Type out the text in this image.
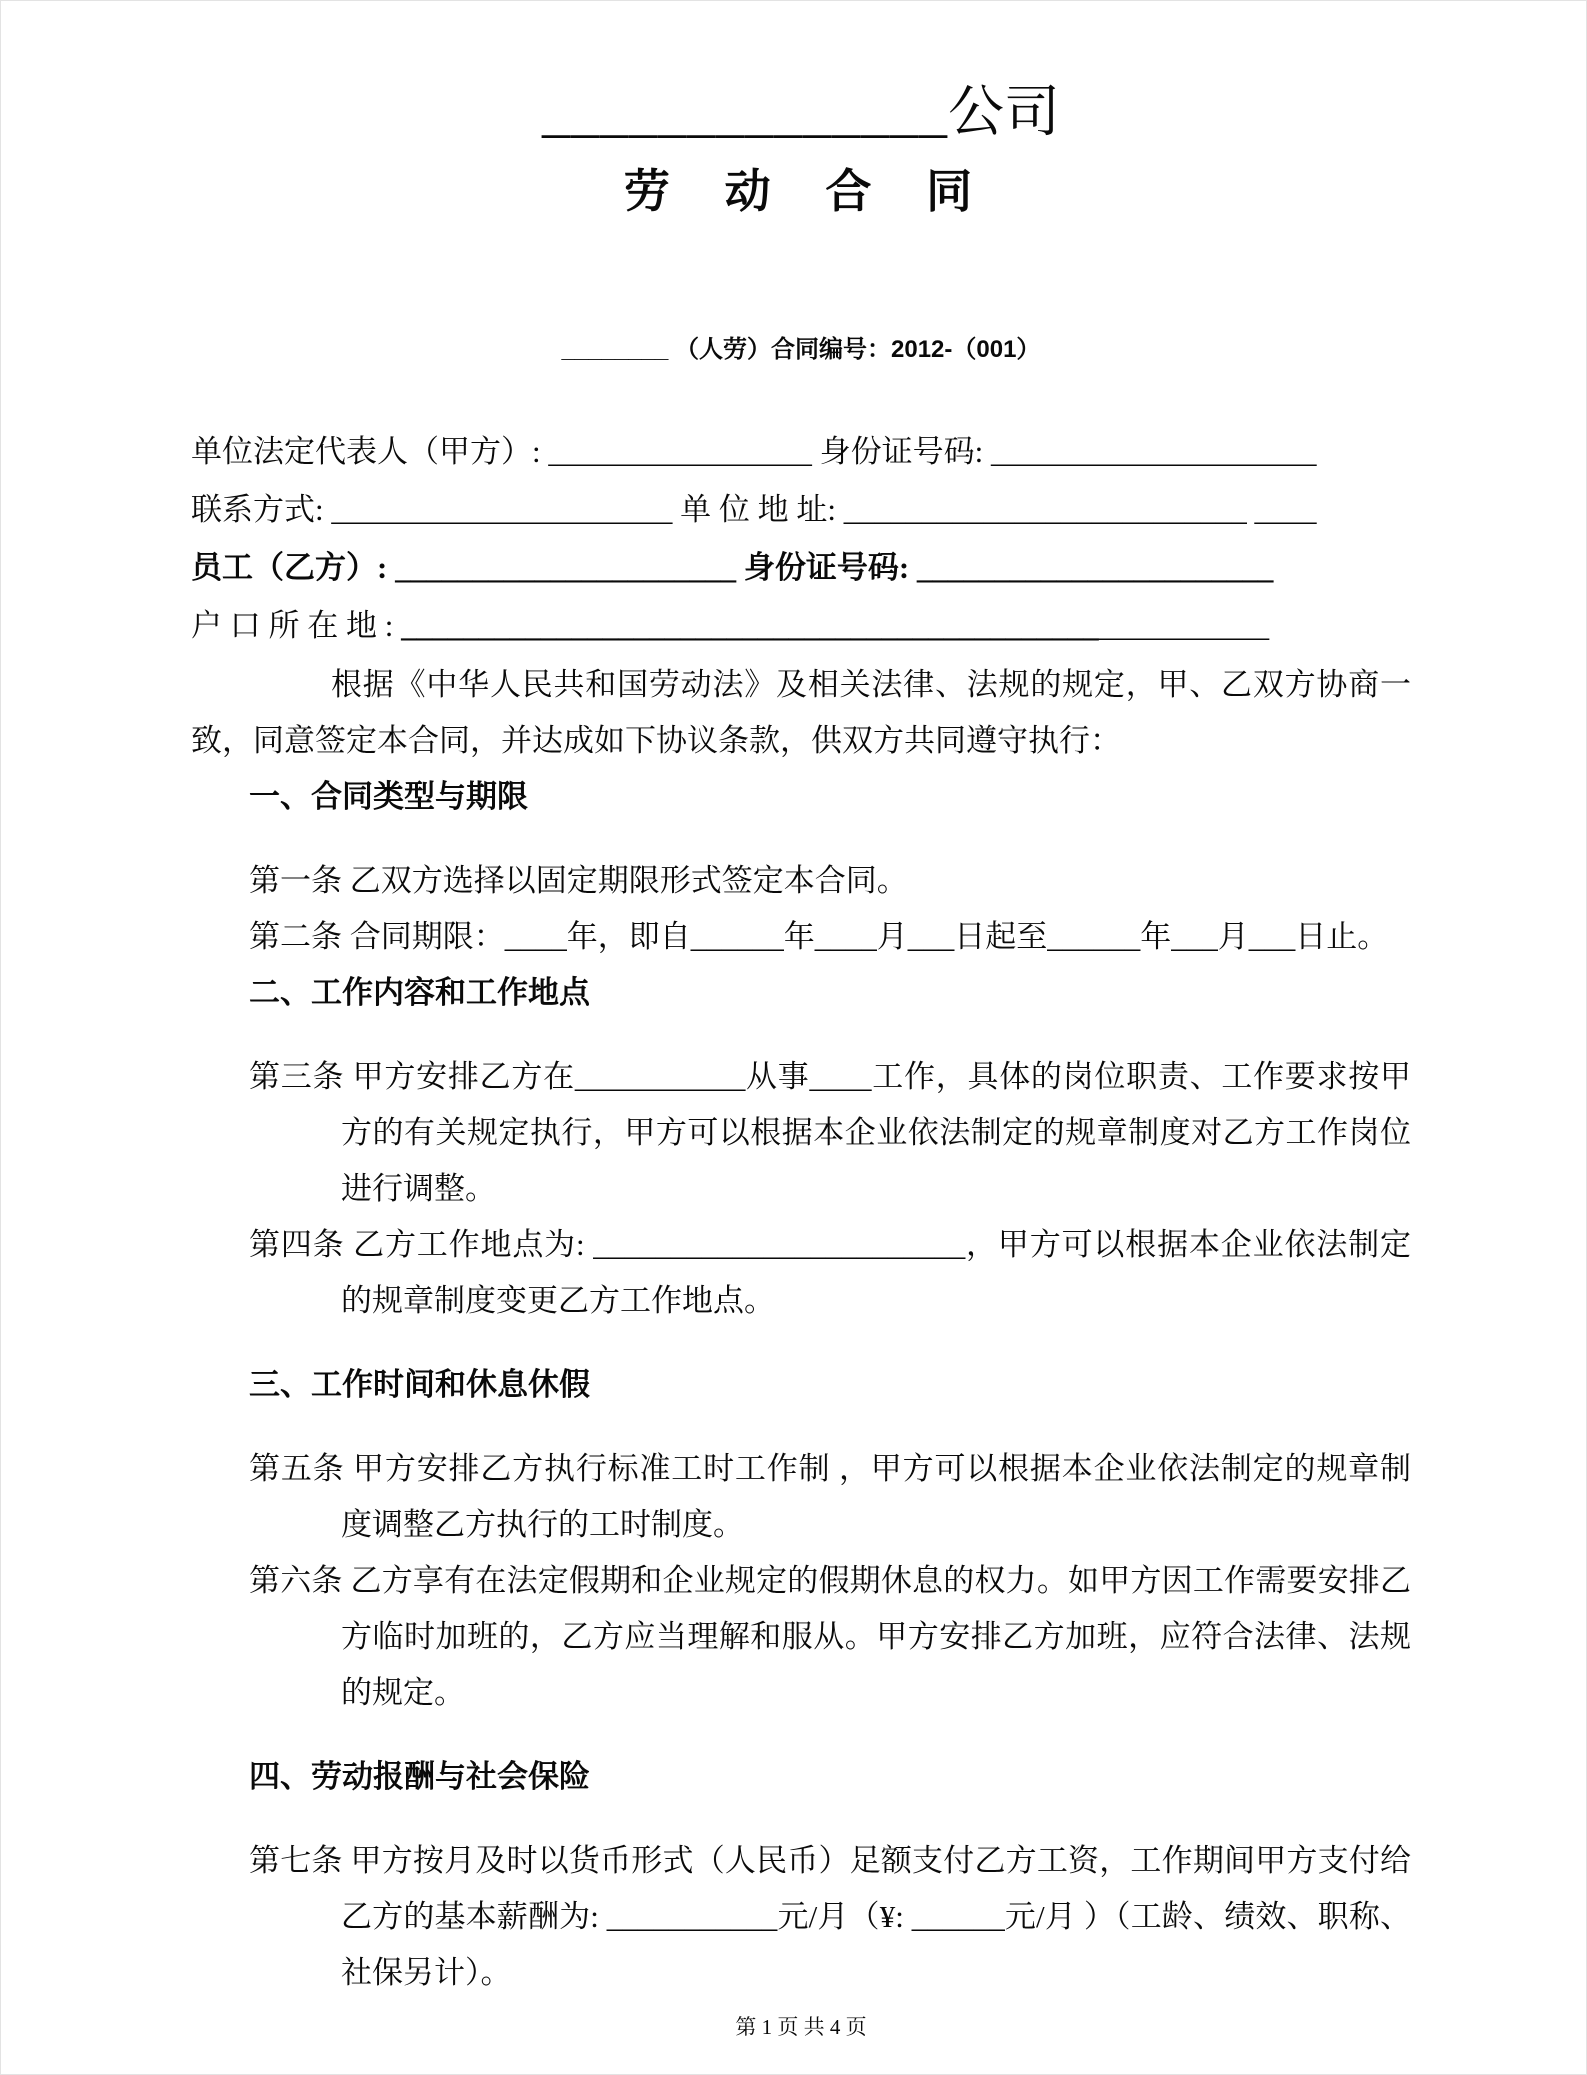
______________公司
劳 动 合 同
________ （人劳）合同编号：2012-（001）
单位法定代表人（甲方）: _________________ 身份证号码: _____________________
联系方式: ______________________ 单 位 地 址: __________________________ ____
员工（乙方）: ______________________ 身份证号码: _______________________
户 口 所 在 地 : ________________________________________________________

根据《中华人民共和国劳动法》及相关法律、法规的规定，甲、乙双方协商一致，同意签定本合同，并达成如下协议条款，供双方共同遵守执行：

一、合同类型与期限

第一条 乙双方选择以固定期限形式签定本合同。

第二条 合同期限：____年，即自______年____月___日起至______年___月___日止。

二、工作内容和工作地点

第三条 甲方安排乙方在___________从事____工作，具体的岗位职责、工作要求按甲方的有关规定执行，甲方可以根据本企业依法制定的规章制度对乙方工作岗位进行调整。

第四条 乙方工作地点为: ________________________，甲方可以根据本企业依法制定的规章制度变更乙方工作地点。

三、工作时间和休息休假

第五条 甲方安排乙方执行标准工时工作制 ，甲方可以根据本企业依法制定的规章制度调整乙方执行的工时制度。

第六条 乙方享有在法定假期和企业规定的假期休息的权力。如甲方因工作需要安排乙方临时加班的，乙方应当理解和服从。甲方安排乙方加班，应符合法律、法规的规定。

四、劳动报酬与社会保险

第七条 甲方按月及时以货币形式（人民币）足额支付乙方工资，工作期间甲方支付给乙方的基本薪酬为: ___________元/月（¥: ______元/月 ）（工龄、绩效、职称、社保另计）。

第 1 页 共 4 页
